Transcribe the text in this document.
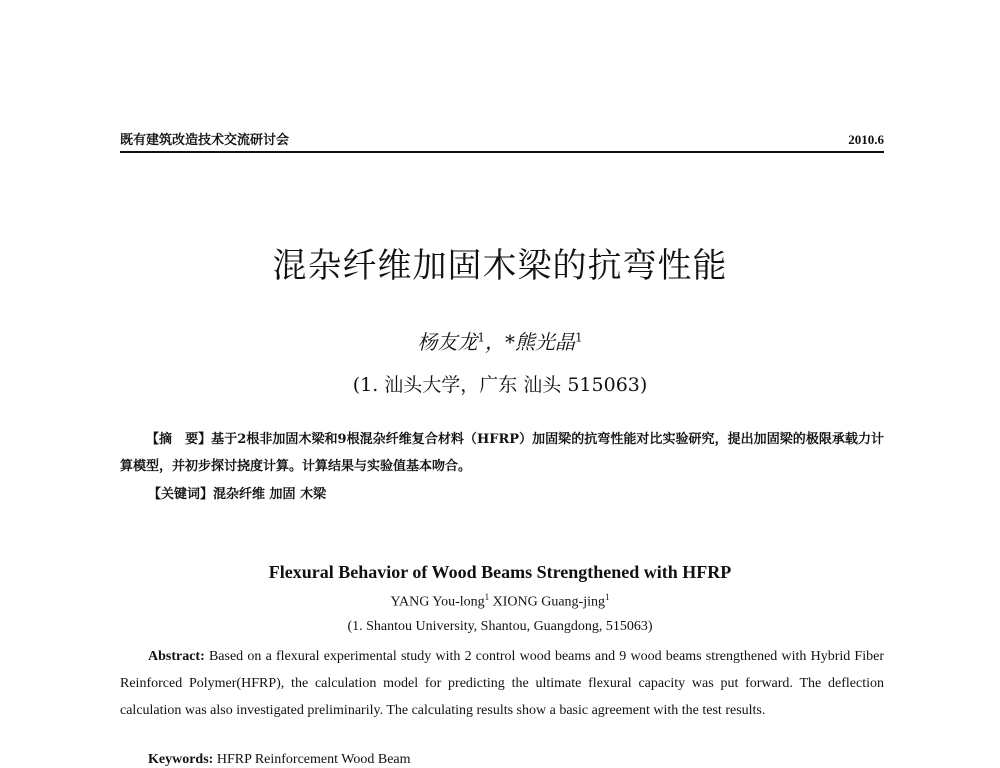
既有建筑改造技术交流研讨会	2010.6
混杂纤维加固木梁的抗弯性能
杨友龙$^1$，*熊光晶$^1$
(1. 汕头大学，广东 汕头 515063)
【摘　要】基于2根非加固木梁和9根混杂纤维复合材料（HFRP）加固梁的抗弯性能对比实验研究，提出加固梁的极限承载力计算模型，并初步探讨挠度计算。计算结果与实验值基本吻合。
【关键词】混杂纤维 加固 木梁
Flexural Behavior of Wood Beams Strengthened with HFRP
YANG You-long$^1$ XIONG Guang-jing$^1$
(1. Shantou University, Shantou, Guangdong, 515063)
Abstract: Based on a flexural experimental study with 2 control wood beams and 9 wood beams strengthened with Hybrid Fiber Reinforced Polymer(HFRP), the calculation model for predicting the ultimate flexural capacity was put forward. The deflection calculation was also investigated preliminarily. The calculating results show a basic agreement with the test results.
Keywords: HFRP Reinforcement Wood Beam
